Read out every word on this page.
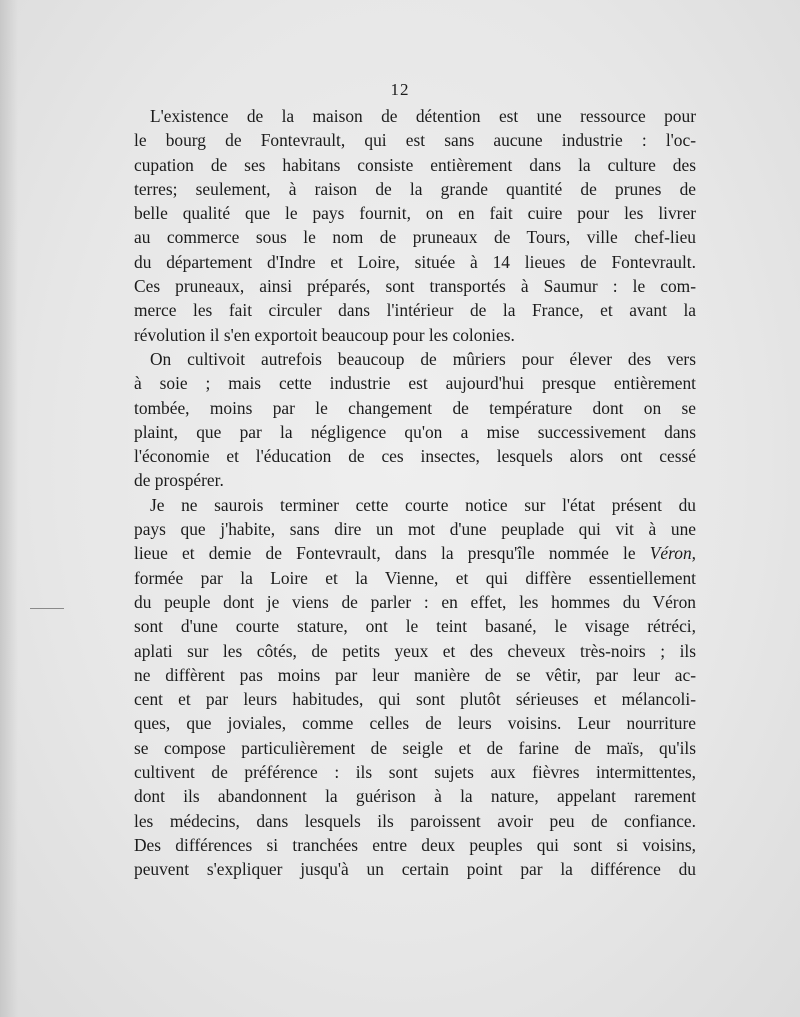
12
L'existence de la maison de détention est une ressource pour
le bourg de Fontevrault, qui est sans aucune industrie : l'oc-
cupation de ses habitans consiste entièrement dans la culture des
terres; seulement, à raison de la grande quantité de prunes de
belle qualité que le pays fournit, on en fait cuire pour les livrer
au commerce sous le nom de pruneaux de Tours, ville chef-lieu
du département d'Indre et Loire, située à 14 lieues de Fontevrault.
Ces pruneaux, ainsi préparés, sont transportés à Saumur : le com-
merce les fait circuler dans l'intérieur de la France, et avant la
révolution il s'en exportoit beaucoup pour les colonies.
On cultivoit autrefois beaucoup de mûriers pour élever des vers
à soie ; mais cette industrie est aujourd'hui presque entièrement
tombée, moins par le changement de température dont on se
plaint, que par la négligence qu'on a mise successivement dans
l'économie et l'éducation de ces insectes, lesquels alors ont cessé
de prospérer.
Je ne saurois terminer cette courte notice sur l'état présent du
pays que j'habite, sans dire un mot d'une peuplade qui vit à une
lieue et demie de Fontevrault, dans la presqu'île nommée le Véron,
formée par la Loire et la Vienne, et qui diffère essentiellement
du peuple dont je viens de parler : en effet, les hommes du Véron
sont d'une courte stature, ont le teint basané, le visage rétréci,
aplati sur les côtés, de petits yeux et des cheveux très-noirs ; ils
ne diffèrent pas moins par leur manière de se vêtir, par leur ac-
cent et par leurs habitudes, qui sont plutôt sérieuses et mélancoli-
ques, que joviales, comme celles de leurs voisins. Leur nourriture
se compose particulièrement de seigle et de farine de maïs, qu'ils
cultivent de préférence : ils sont sujets aux fièvres intermittentes,
dont ils abandonnent la guérison à la nature, appelant rarement
les médecins, dans lesquels ils paroissent avoir peu de confiance.
Des différences si tranchées entre deux peuples qui sont si voisins,
peuvent s'expliquer jusqu'à un certain point par la différence du
